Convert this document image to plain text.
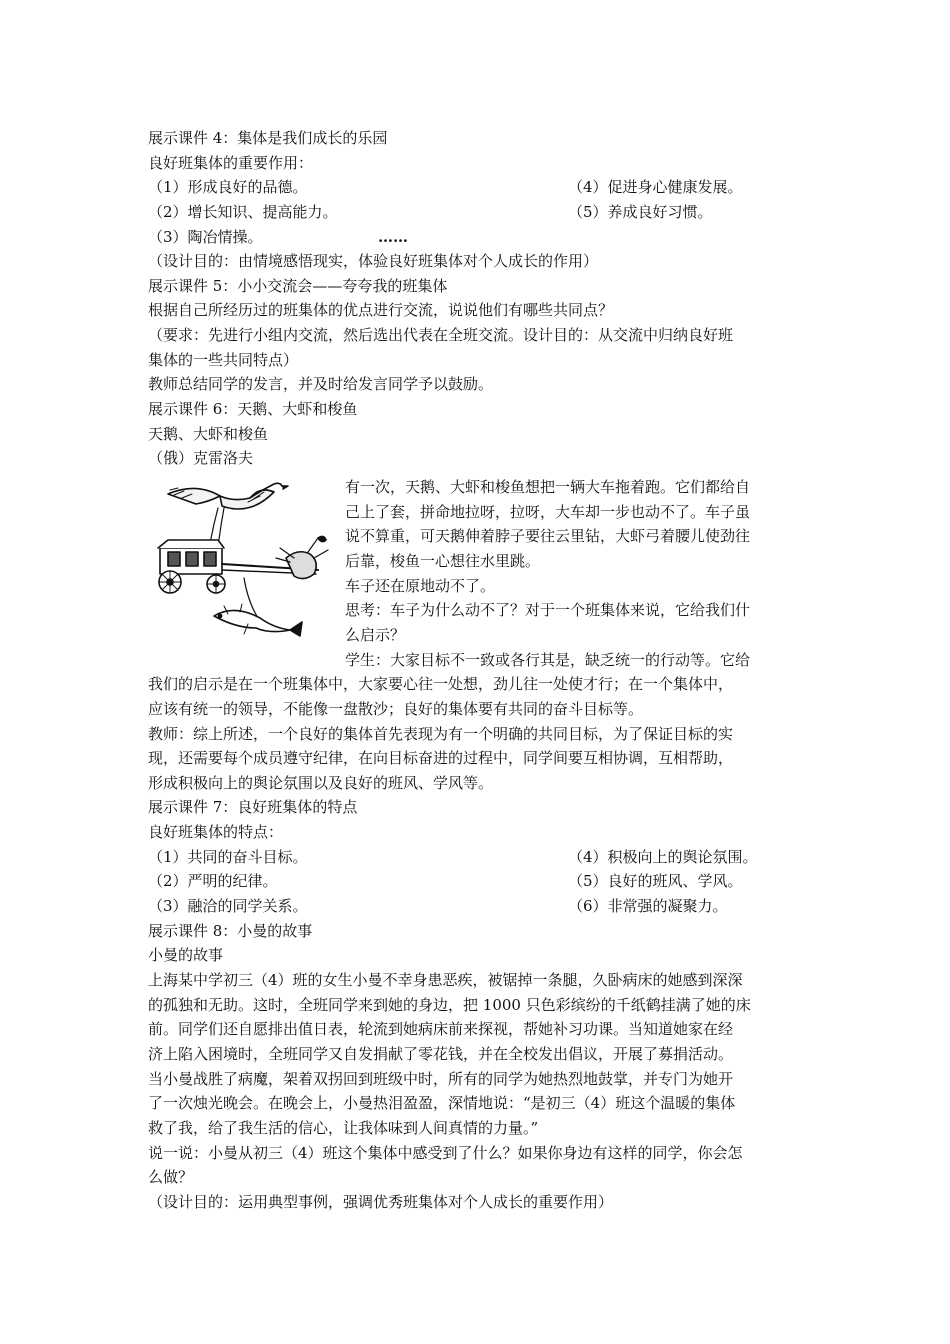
展示课件 4：集体是我们成长的乐园
良好班集体的重要作用：
（1）形成良好的品德。	（4）促进身心健康发展。
（2）增长知识、提高能力。	（5）养成良好习惯。
（3）陶冶情操。	……
（设计目的：由情境感悟现实，体验良好班集体对个人成长的作用）
展示课件 5：小小交流会——夸夸我的班集体
根据自己所经历过的班集体的优点进行交流，说说他们有哪些共同点？
（要求：先进行小组内交流，然后选出代表在全班交流。设计目的：从交流中归纳良好班
集体的一些共同特点）
教师总结同学的发言，并及时给发言同学予以鼓励。
展示课件 6：天鹅、大虾和梭鱼
天鹅、大虾和梭鱼
（俄）克雷洛夫
有一次，天鹅、大虾和梭鱼想把一辆大车拖着跑。它们都给自
己上了套，拼命地拉呀，拉呀，大车却一步也动不了。车子虽
说不算重，可天鹅伸着脖子要往云里钻，大虾弓着腰儿使劲往
后靠，梭鱼一心想往水里跳。
车子还在原地动不了。
思考：车子为什么动不了？对于一个班集体来说，它给我们什
么启示？
学生：大家目标不一致或各行其是，缺乏统一的行动等。它给
我们的启示是在一个班集体中，大家要心往一处想，劲儿往一处使才行；在一个集体中，
应该有统一的领导，不能像一盘散沙；良好的集体要有共同的奋斗目标等。
教师：综上所述，一个良好的集体首先表现为有一个明确的共同目标，为了保证目标的实
现，还需要每个成员遵守纪律，在向目标奋进的过程中，同学间要互相协调，互相帮助，
形成积极向上的舆论氛围以及良好的班风、学风等。
展示课件 7：良好班集体的特点
良好班集体的特点：
（1）共同的奋斗目标。	（4）积极向上的舆论氛围。
（2）严明的纪律。	（5）良好的班风、学风。
（3）融洽的同学关系。	（6）非常强的凝聚力。
展示课件 8：小曼的故事
小曼的故事
上海某中学初三（4）班的女生小曼不幸身患恶疾，被锯掉一条腿，久卧病床的她感到深深
的孤独和无助。这时，全班同学来到她的身边，把 1000 只色彩缤纷的千纸鹤挂满了她的床
前。同学们还自愿排出值日表，轮流到她病床前来探视，帮她补习功课。当知道她家在经
济上陷入困境时，全班同学又自发捐献了零花钱，并在全校发出倡议，开展了募捐活动。
当小曼战胜了病魔，架着双拐回到班级中时，所有的同学为她热烈地鼓掌，并专门为她开
了一次烛光晚会。在晚会上，小曼热泪盈盈，深情地说：“是初三（4）班这个温暖的集体
救了我，给了我生活的信心，让我体味到人间真情的力量。”
说一说：小曼从初三（4）班这个集体中感受到了什么？如果你身边有这样的同学，你会怎
么做？
（设计目的：运用典型事例，强调优秀班集体对个人成长的重要作用）
